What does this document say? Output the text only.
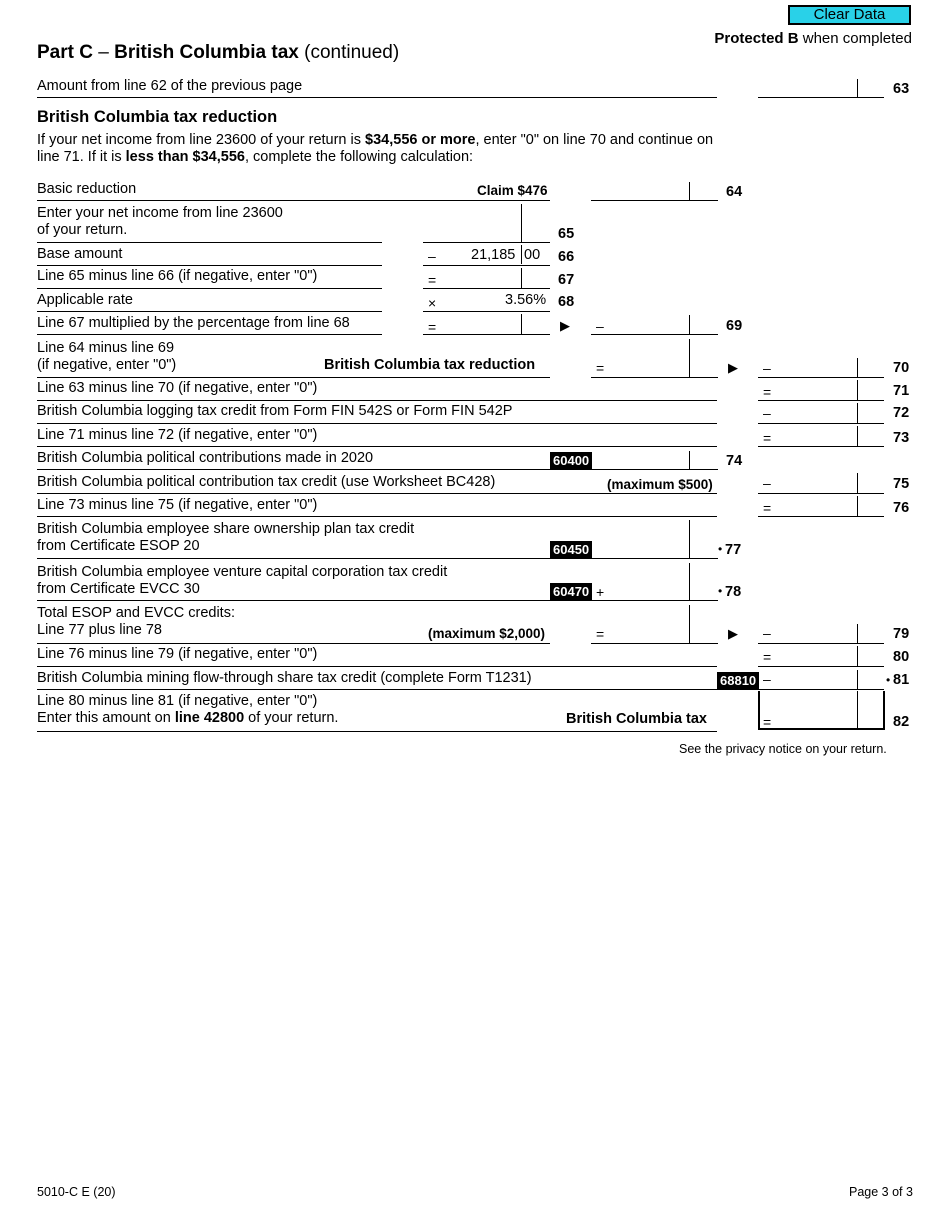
Clear Data
Protected B when completed
Part C – British Columbia tax (continued)
Amount from line 62 of the previous page	63
British Columbia tax reduction
If your net income from line 23600 of your return is $34,556 or more, enter "0" on line 70 and continue on line 71. If it is less than $34,556, complete the following calculation:
Basic reduction	Claim $476	64
Enter your net income from line 23600
of your return.	65
Base amount	– 21,185 00 66
Line 65 minus line 66 (if negative, enter "0")	=	67
Applicable rate	×	3.56% 68
Line 67 multiplied by the percentage from line 68	=	▶ –	69
Line 64 minus line 69
(if negative, enter "0")	British Columbia tax reduction	=	▶ –	70
Line 63 minus line 70 (if negative, enter "0")	=	71
British Columbia logging tax credit from Form FIN 542S or Form FIN 542P	–	72
Line 71 minus line 72 (if negative, enter "0")	=	73
British Columbia political contributions made in 2020	60400	74
British Columbia political contribution tax credit (use Worksheet BC428)	(maximum $500)	–	75
Line 73 minus line 75 (if negative, enter "0")	=	76
British Columbia employee share ownership plan tax credit
from Certificate ESOP 20	60450	• 77
British Columbia employee venture capital corporation tax credit
from Certificate EVCC 30	60470 +	• 78
Total ESOP and EVCC credits:
Line 77 plus line 78	(maximum $2,000)	=	▶ –	79
Line 76 minus line 79 (if negative, enter "0")	=	80
British Columbia mining flow-through share tax credit (complete Form T1231)	68810 –	• 81
Line 80 minus line 81 (if negative, enter "0")
Enter this amount on line 42800 of your return.	British Columbia tax	=	82
See the privacy notice on your return.
5010-C E (20)	Page 3 of 3
